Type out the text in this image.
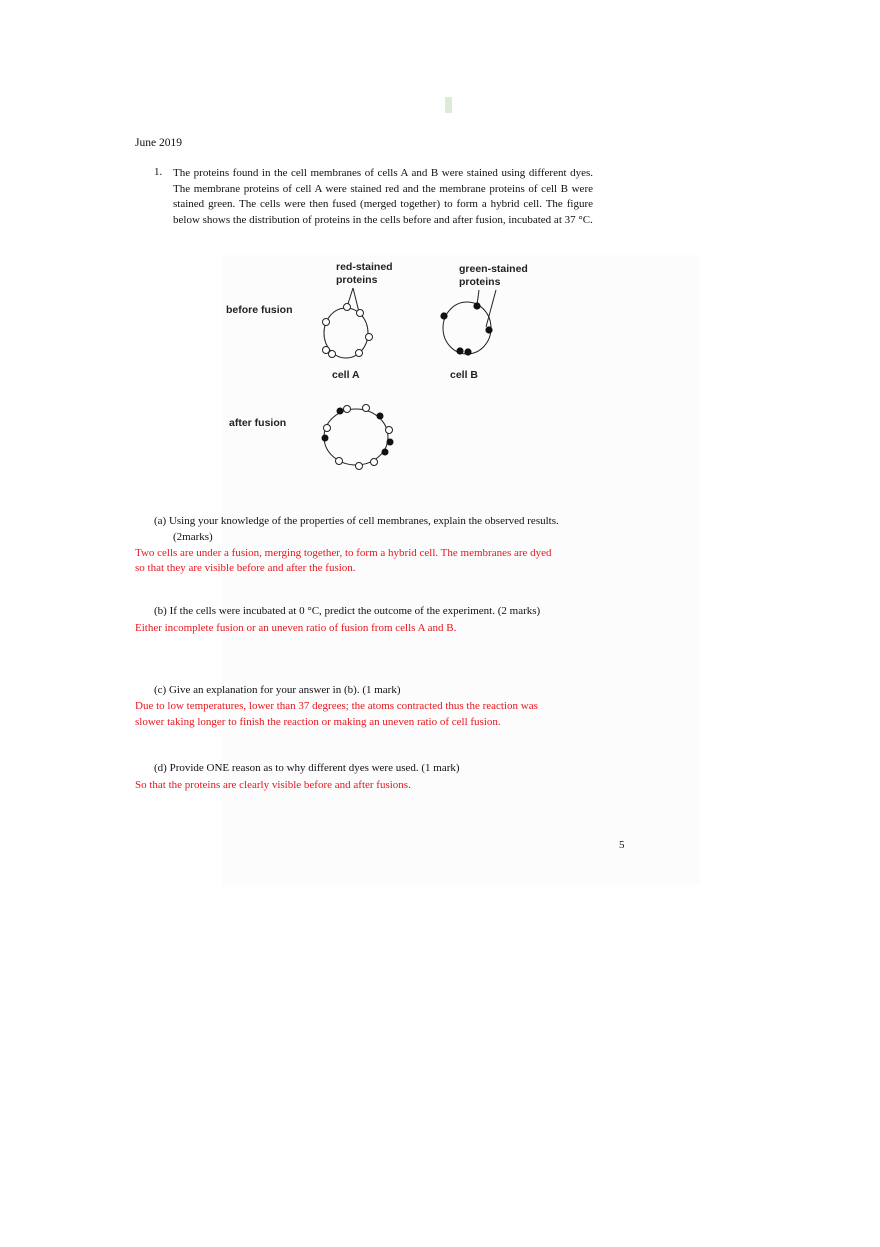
June 2019
1. The proteins found in the cell membranes of cells A and B were stained using different dyes. The membrane proteins of cell A were stained red and the membrane proteins of cell B were stained green. The cells were then fused (merged together) to form a hybrid cell. The figure below shows the distribution of proteins in the cells before and after fusion, incubated at 37 °C.
red-stained
proteins
green-stained
proteins
before fusion
after fusion
cell A	cell B
(a) Using your knowledge of the properties of cell membranes, explain the observed results.
(2marks)
Two cells are under a fusion, merging together, to form a hybrid cell. The membranes are dyed
so that they are visible before and after the fusion.
(b) If the cells were incubated at 0 °C, predict the outcome of the experiment. (2 marks)
Either incomplete fusion or an uneven ratio of fusion from cells A and B.
(c) Give an explanation for your answer in (b). (1 mark)
Due to low temperatures, lower than 37 degrees; the atoms contracted thus the reaction was
slower taking longer to finish the reaction or making an uneven ratio of cell fusion.
(d) Provide ONE reason as to why different dyes were used. (1 mark)
So that the proteins are clearly visible before and after fusions.
5
